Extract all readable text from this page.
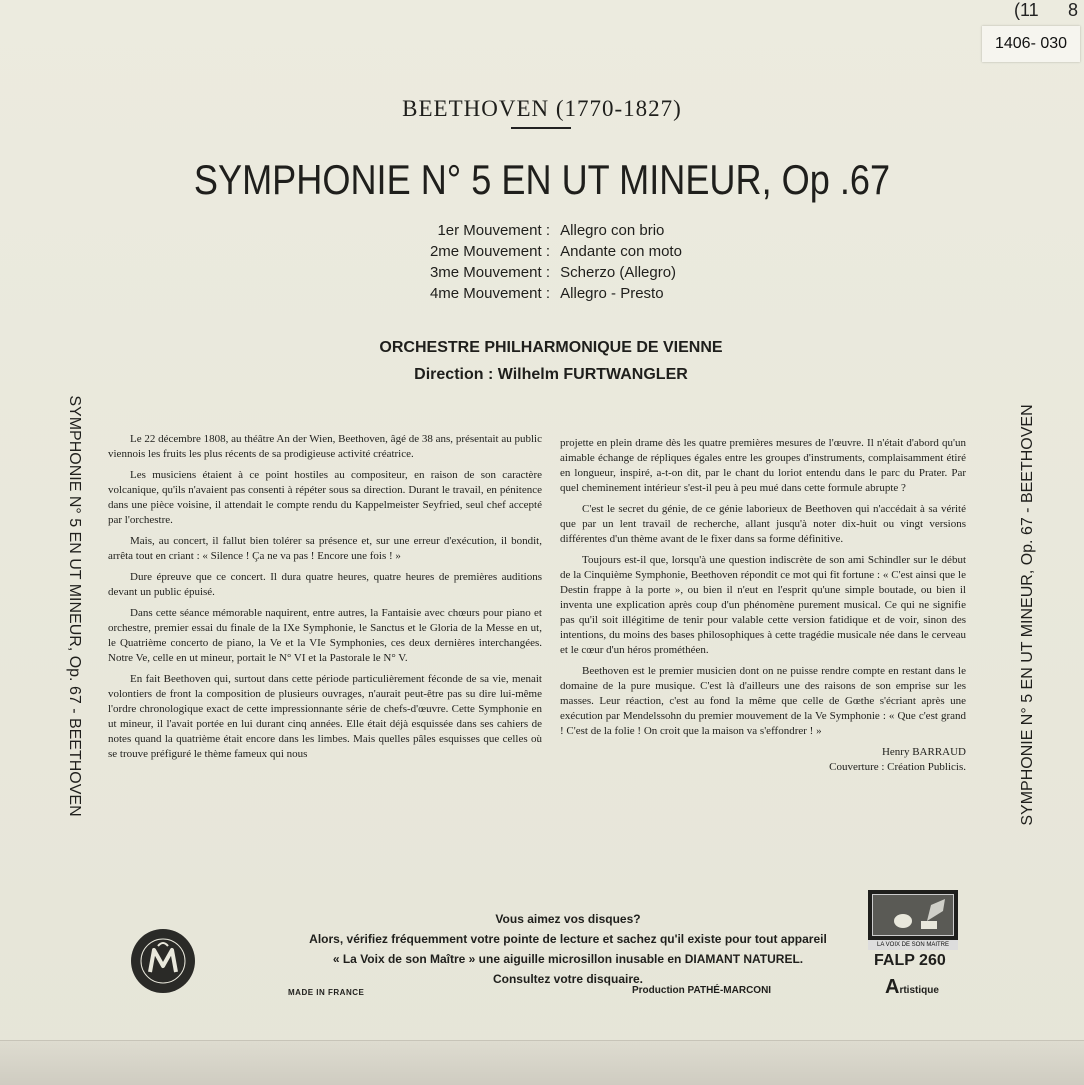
(11 8
1406- 030
BEETHOVEN (1770-1827)
SYMPHONIE N° 5 EN UT MINEUR, Op .67
1er Mouvement : Allegro con brio
2me Mouvement : Andante con moto
3me Mouvement : Scherzo (Allegro)
4me Mouvement : Allegro - Presto
ORCHESTRE PHILHARMONIQUE DE VIENNE
Direction : Wilhelm FURTWANGLER
SYMPHONIE N° 5 EN UT MINEUR, Op. 67 - BEETHOVEN	SYMPHONIE N° 5 EN UT MINEUR, Op. 67 - BEETHOVEN

Le 22 décembre 1808, au théâtre An der Wien, Beethoven, âgé de 38 ans, présentait au public viennois les fruits les plus récents de sa prodigieuse activité créatrice.

Les musiciens étaient à ce point hostiles au compositeur, en raison de son caractère volcanique, qu'ils n'avaient pas consenti à répéter sous sa direction. Durant le travail, en pénitence dans une pièce voisine, il attendait le compte rendu du Kappelmeister Seyfried, seul chef accepté par l'orchestre.

Mais, au concert, il fallut bien tolérer sa présence et, sur une erreur d'exécution, il bondit, arrêta tout en criant : « Silence ! Ça ne va pas ! Encore une fois ! »

Dure épreuve que ce concert. Il dura quatre heures, quatre heures de premières auditions devant un public épuisé.

Dans cette séance mémorable naquirent, entre autres, la Fantaisie avec chœurs pour piano et orchestre, premier essai du finale de la IXe Symphonie, le Sanctus et le Gloria de la Messe en ut, le Quatrième concerto de piano, la Ve et la VIe Symphonies, ces deux dernières interchangées. Notre Ve, celle en ut mineur, portait le N° VI et la Pastorale le N° V.

En fait Beethoven qui, surtout dans cette période particulièrement féconde de sa vie, menait volontiers de front la composition de plusieurs ouvrages, n'aurait peut-être pas su dire lui-même l'ordre chronologique exact de cette impressionnante série de chefs-d'œuvre. Cette Symphonie en ut mineur, il l'avait portée en lui durant cinq années. Elle était déjà esquissée dans ses cahiers de notes quand la quatrième était encore dans les limbes. Mais quelles pâles esquisses que celles où se trouve préfiguré le thème fameux qui nous

projette en plein drame dès les quatre premières mesures de l'œuvre. Il n'était d'abord qu'un aimable échange de répliques égales entre les groupes d'instruments, complaisamment étiré en longueur, inspiré, a-t-on dit, par le chant du loriot entendu dans le parc du Prater. Par quel cheminement intérieur s'est-il peu à peu mué dans cette formule abrupte ?

C'est le secret du génie, de ce génie laborieux de Beethoven qui n'accédait à sa vérité que par un lent travail de recherche, allant jusqu'à noter dix-huit ou vingt versions différentes d'un thème avant de le fixer dans sa forme définitive.

Toujours est-il que, lorsqu'à une question indiscrète de son ami Schindler sur le début de la Cinquième Symphonie, Beethoven répondit ce mot qui fit fortune : « C'est ainsi que le Destin frappe à la porte », ou bien il n'eut en l'esprit qu'une simple boutade, ou bien il inventa une explication après coup d'un phénomène purement musical. Ce qui ne signifie pas qu'il soit illégitime de tenir pour valable cette version fatidique et de voir, sinon des intentions, du moins des bases philosophiques à cette tragédie musicale née dans le cerveau et le cœur d'un héros prométhéen.

Beethoven est le premier musicien dont on ne puisse rendre compte en restant dans le domaine de la pure musique. C'est là d'ailleurs une des raisons de son emprise sur les masses. Leur réaction, c'est au fond la même que celle de Gœthe s'écriant après une exécution par Mendelssohn du premier mouvement de la Ve Symphonie : « Que c'est grand ! C'est de la folie ! On croit que la maison va s'effondrer ! »

Henry BARRAUD

Couverture : Création Publicis.

Vous aimez vos disques?
Alors, vérifiez fréquemment votre pointe de lecture et sachez qu'il existe pour tout appareil
« La Voix de son Maître » une aiguille microsillon inusable en DIAMANT NATUREL.
Consultez votre disquaire.
MADE IN FRANCE	Production PATHÉ-MARCONI
LA VOIX DE SON MAITRE
FALP 260
Artistique
